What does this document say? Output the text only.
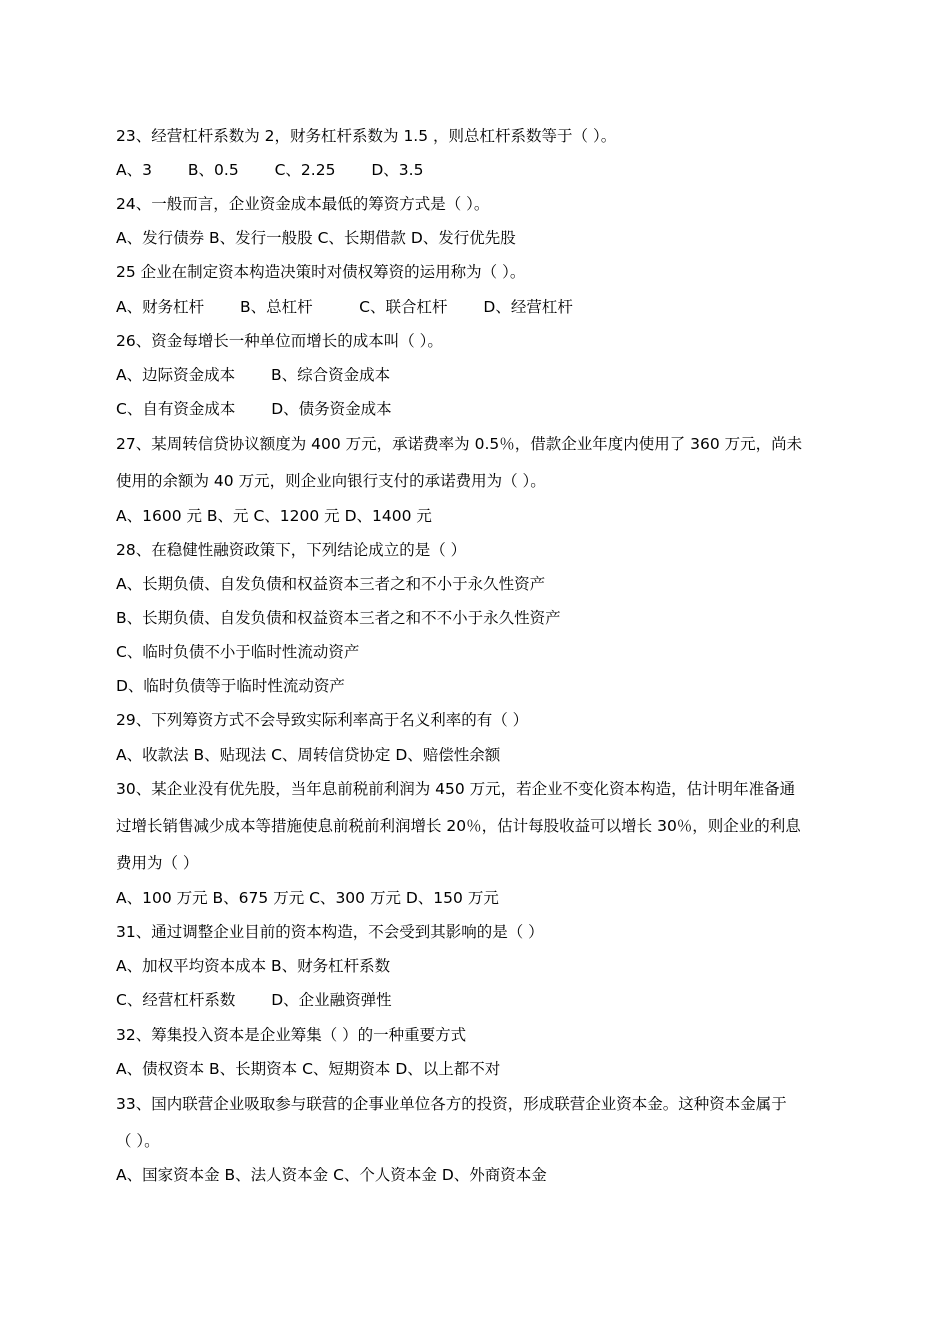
23、经营杠杆系数为 2，财务杠杆系数为 1.5 ，则总杠杆系数等于（ ）。
A、3　　 B、0.5　　 C、2.25　　 D、3.5
24、一般而言，企业资金成本最低的筹资方式是（ ）。
A、发行债券 B、发行一般股 C、长期借款 D、发行优先股
25 企业在制定资本构造决策时对债权筹资的运用称为（ ）。
A、财务杠杆　　 B、总杠杆　　　C、联合杠杆　　 D、经营杠杆
26、资金每增长一种单位而增长的成本叫（ ）。
A、边际资金成本　　 B、综合资金成本
C、自有资金成本　　 D、债务资金成本
27、某周转信贷协议额度为 400 万元，承诺费率为 0.5％，借款企业年度内使用了 360 万元，尚未
使用的余额为 40 万元，则企业向银行支付的承诺费用为（ ）。
A、1600 元 B、元 C、1200 元 D、1400 元
28、在稳健性融资政策下，下列结论成立的是（ ）
A、长期负债、自发负债和权益资本三者之和不小于永久性资产
B、长期负债、自发负债和权益资本三者之和不不小于永久性资产
C、临时负债不小于临时性流动资产
D、临时负债等于临时性流动资产
29、下列筹资方式不会导致实际利率高于名义利率的有（ ）
A、收款法 B、贴现法 C、周转信贷协定 D、赔偿性余额
30、某企业没有优先股，当年息前税前利润为 450 万元，若企业不变化资本构造，估计明年准备通
过增长销售减少成本等措施使息前税前利润增长 20％，估计每股收益可以增长 30％，则企业的利息
费用为（ ）
A、100 万元 B、675 万元 C、300 万元 D、150 万元
31、通过调整企业目前的资本构造，不会受到其影响的是（ ）
A、加权平均资本成本 B、财务杠杆系数
C、经营杠杆系数　　 D、企业融资弹性
32、筹集投入资本是企业筹集（ ）的一种重要方式
A、债权资本 B、长期资本 C、短期资本 D、以上都不对
33、国内联营企业吸取参与联营的企事业单位各方的投资，形成联营企业资本金。这种资本金属于
（ ）。
A、国家资本金 B、法人资本金 C、个人资本金 D、外商资本金
